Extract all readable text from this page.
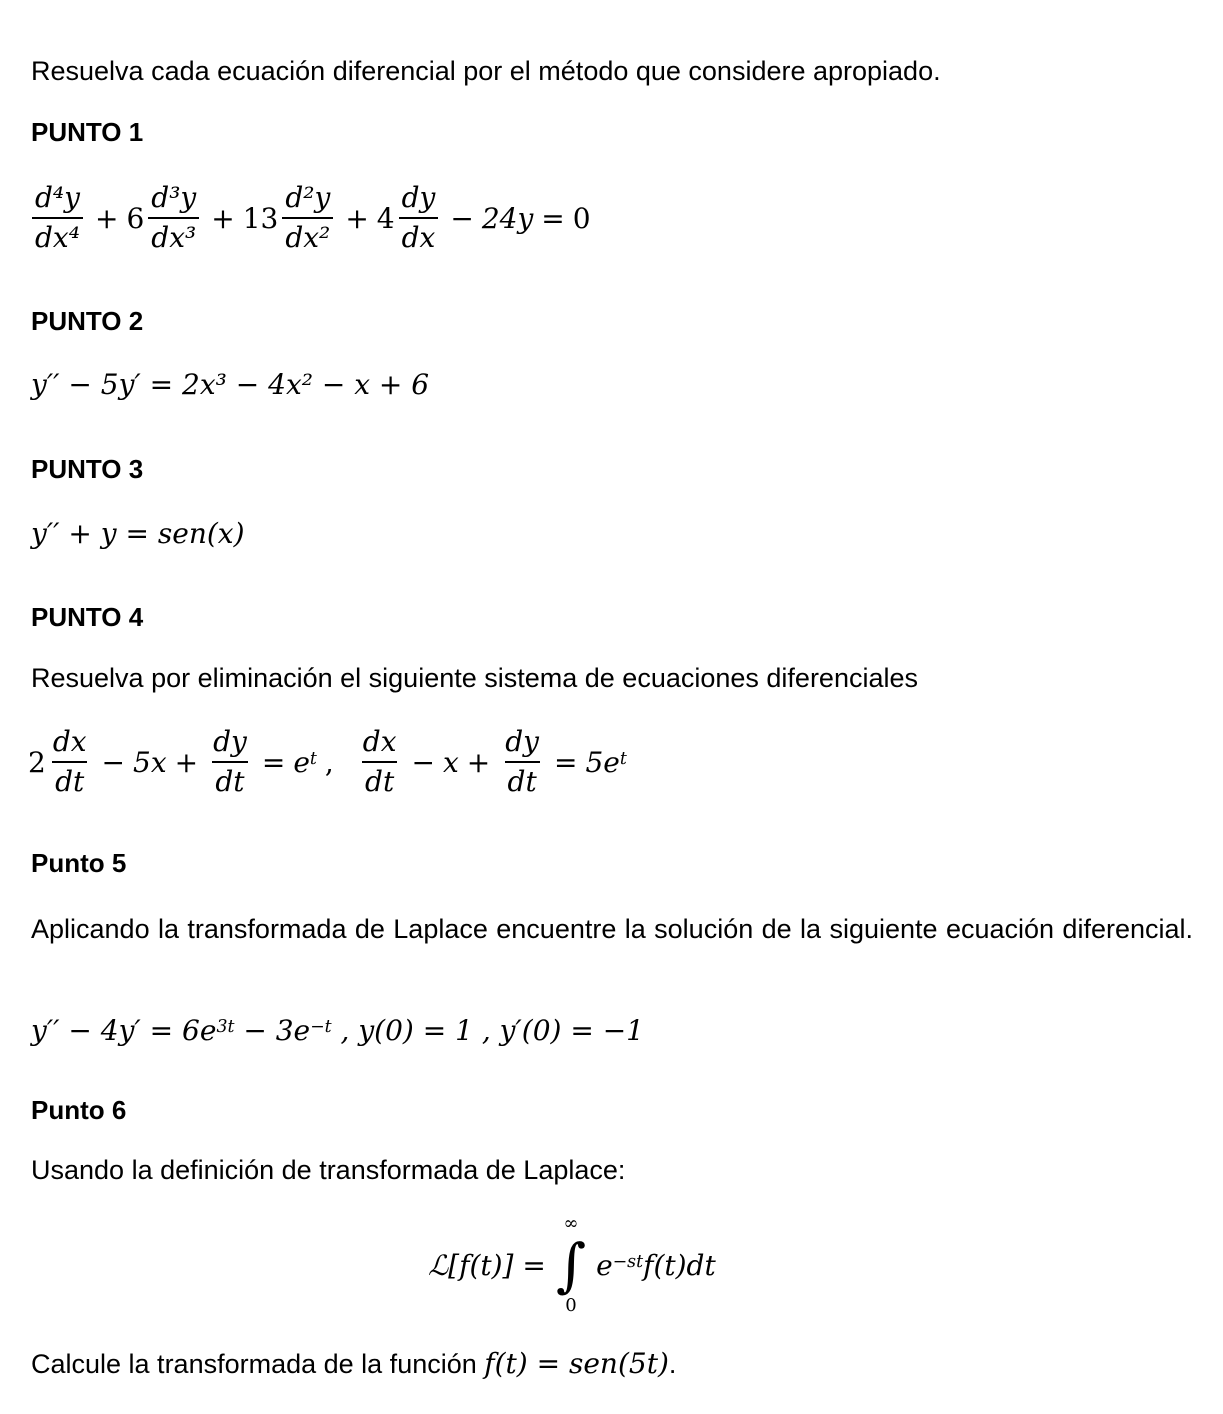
Resuelva cada ecuación diferencial por el método que considere apropiado.
PUNTO 1
$\frac{\text{d⁴y}}{\text{dx⁴}} + 6 \frac{\text{d³y}}{\text{dx³}} + 13 \frac{\text{d²y}}{\text{dx²}} + 4 \frac{dy}{dx} - 24y = 0$
PUNTO 2
y′′ − 5y′ = 2x³ − 4x² − x + 6
PUNTO 3
y′′ + y = sen(x)
PUNTO 4
Resuelva por eliminación el siguiente sistema de ecuaciones diferenciales
$2 \frac{dx}{dt} - 5x + \frac{dy}{dt} = e^t$ , $\frac{dx}{dt} - x + \frac{dy}{dt} = 5e^t$
Punto 5
Aplicando la transformada de Laplace encuentre la solución de la siguiente ecuación diferencial.
$y'' - 4y' = 6e^{3t} - 3e^{-t}$ , y(0) = 1 , y′(0) = −1
Punto 6
Usando la definición de transformada de Laplace:
ℒ[f(t)] =
∞
∫
0
$e^{-st}$ f(t)dt
Calcule la transformada de la función f(t) = sen(5t) .
